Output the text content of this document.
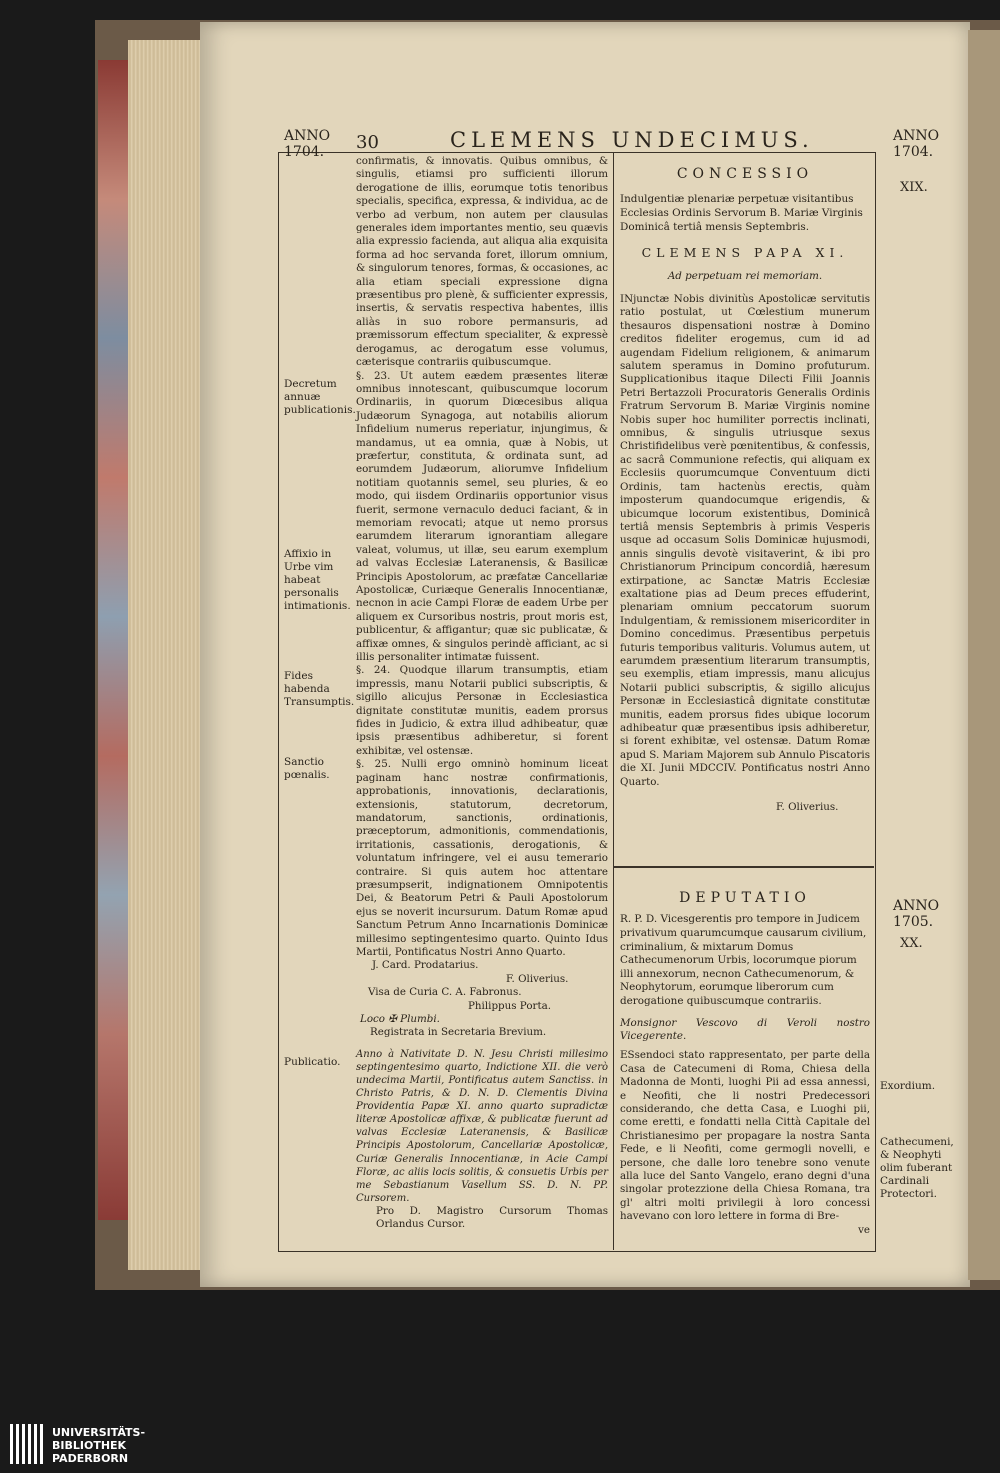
ANNO 1704.	30	CLEMENS UNDECIMUS.	ANNO 1704.
Decretum annuæ publicationis.
Affixio in Urbe vim habeat personalis intimationis.
Fides habenda Transumptis.
Sanctio pœnalis.
Publicatio.
XIX.
ANNO 1705.
XX.
Exordium.
Cathecumeni, & Neophyti olim fuberant Cardinali Protectori.

confirmatis, & innovatis. Quibus omnibus, & singulis, etiamsi pro sufficienti illorum derogatione de illis, eorumque totis tenoribus specialis, specifica, expressa, & individua, ac de verbo ad verbum, non autem per clausulas generales idem importantes mentio, seu quævis alia expressio facienda, aut aliqua alia exquisita forma ad hoc servanda foret, illorum omnium, & singulorum tenores, formas, & occasiones, ac alia etiam speciali expressione digna præsentibus pro plenè, & sufficienter expressis, insertis, & servatis respectiva habentes, illis aliàs in suo robore permansuris, ad præmissorum effectum specialiter, & expressè derogamus, ac derogatum esse volumus, cæterisque contrariis quibuscumque.

§. 23. Ut autem eædem præsentes literæ omnibus innotescant, quibuscumque locorum Ordinariis, in quorum Diœcesibus aliqua Judæorum Synagoga, aut notabilis aliorum Infidelium numerus reperiatur, injungimus, & mandamus, ut ea omnia, quæ à Nobis, ut præfertur, constituta, & ordinata sunt, ad eorumdem Judæorum, aliorumve Infidelium notitiam quotannis semel, seu pluries, & eo modo, qui iisdem Ordinariis opportunior visus fuerit, sermone vernaculo deduci faciant, & in memoriam revocati; atque ut nemo prorsus earumdem literarum ignorantiam allegare valeat, volumus, ut illæ, seu earum exemplum ad valvas Ecclesiæ Lateranensis, & Basilicæ Principis Apostolorum, ac præfatæ Cancellariæ Apostolicæ, Curiæque Generalis Innocentianæ, necnon in acie Campi Floræ de eadem Urbe per aliquem ex Cursoribus nostris, prout moris est, publicentur, & affigantur; quæ sic publicatæ, & affixæ omnes, & singulos perindè afficiant, ac si illis personaliter intimatæ fuissent.

§. 24. Quodque illarum transumptis, etiam impressis, manu Notarii publici subscriptis, & sigillo alicujus Personæ in Ecclesiastica dignitate constitutæ munitis, eadem prorsus fides in Judicio, & extra illud adhibeatur, quæ ipsis præsentibus adhiberetur, si forent exhibitæ, vel ostensæ.

§. 25. Nulli ergo omninò hominum liceat paginam hanc nostræ confirmationis, approbationis, innovationis, declarationis, extensionis, statutorum, decretorum, mandatorum, sanctionis, ordinationis, præceptorum, admonitionis, commendationis, irritationis, cassationis, derogationis, & voluntatum infringere, vel ei ausu temerario contraire. Si quis autem hoc attentare præsumpserit, indignationem Omnipotentis Dei, & Beatorum Petri & Pauli Apostolorum ejus se noverit incursurum. Datum Romæ apud Sanctum Petrum Anno Incarnationis Dominicæ millesimo septingentesimo quarto. Quinto Idus Martii, Pontificatus Nostri Anno Quarto.

J. Card. Prodatarius.

F. Oliverius.

Visa de Curia C. A. Fabronus.

Philippus Porta.

Loco ✠ Plumbi.

Registrata in Secretaria Brevium.

Anno à Nativitate D. N. Jesu Christi millesimo septingentesimo quarto, Indictione XII. die verò undecima Martii, Pontificatus autem Sanctiss. in Christo Patris, & D. N. D. Clementis Divina Providentia Papæ XI. anno quarto supradictæ literæ Apostolicæ affixæ, & publicatæ fuerunt ad valvas Ecclesiæ Lateranensis, & Basilicæ Principis Apostolorum, Cancellariæ Apostolicæ, Curiæ Generalis Innocentianæ, in Acie Campi Floræ, ac aliis locis solitis, & consuetis Urbis per me Sebastianum Vasellum SS. D. N. PP. Cursorem.

Pro D. Magistro Cursorum Thomas Orlandus Cursor.

CONCESSIO

Indulgentiæ plenariæ perpetuæ visitantibus Ecclesias Ordinis Servorum B. Mariæ Virginis Dominicâ tertiâ mensis Septembris.

CLEMENS PAPA XI.

Ad perpetuam rei memoriam.

INjunctæ Nobis divinitùs Apostolicæ servitutis ratio postulat, ut Cœlestium munerum thesauros dispensationi nostræ à Domino creditos fideliter erogemus, cum id ad augendam Fidelium religionem, & animarum salutem speramus in Domino profuturum. Supplicationibus itaque Dilecti Filii Joannis Petri Bertazzoli Procuratoris Generalis Ordinis Fratrum Servorum B. Mariæ Virginis nomine Nobis super hoc humiliter porrectis inclinati, omnibus, & singulis utriusque sexus Christifidelibus verè pœnitentibus, & confessis, ac sacrâ Communione refectis, qui aliquam ex Ecclesiis quorumcumque Conventuum dicti Ordinis, tam hactenùs erectis, quàm imposterum quandocumque erigendis, & ubicumque locorum existentibus, Dominicâ tertiâ mensis Septembris à primis Vesperis usque ad occasum Solis Dominicæ hujusmodi, annis singulis devotè visitaverint, & ibi pro Christianorum Principum concordiâ, hæresum extirpatione, ac Sanctæ Matris Ecclesiæ exaltatione pias ad Deum preces effuderint, plenariam omnium peccatorum suorum Indulgentiam, & remissionem misericorditer in Domino concedimus. Præsentibus perpetuis futuris temporibus valituris. Volumus autem, ut earumdem præsentium literarum transumptis, seu exemplis, etiam impressis, manu alicujus Notarii publici subscriptis, & sigillo alicujus Personæ in Ecclesiasticâ dignitate constitutæ munitis, eadem prorsus fides ubique locorum adhibeatur quæ præsentibus ipsis adhiberetur, si forent exhibitæ, vel ostensæ. Datum Romæ apud S. Mariam Majorem sub Annulo Piscatoris die XI. Junii MDCCIV. Pontificatus nostri Anno Quarto.

F. Oliverius.

DEPUTATIO

R. P. D. Vicesgerentis pro tempore in Judicem privativum quarumcumque causarum civilium, criminalium, & mixtarum Domus Cathecumenorum Urbis, locorumque piorum illi annexorum, necnon Cathecumenorum, & Neophytorum, eorumque liberorum cum derogatione quibuscumque contrariis.

Monsignor Vescovo di Veroli nostro Vicegerente.

ESsendoci stato rappresentato, per parte della Casa de Catecumeni di Roma, Chiesa della Madonna de Monti, luoghi Pii ad essa annessi, e Neofiti, che li nostri Predecessori considerando, che detta Casa, e Luoghi pii, come eretti, e fondatti nella Città Capitale del Christianesimo per propagare la nostra Santa Fede, e li Neofiti, come germogli novelli, e persone, che dalle loro tenebre sono venute alla luce del Santo Vangelo, erano degni d'una singolar protezzione della Chiesa Romana, tra gl' altri molti privilegii à loro concessi havevano con loro lettere in forma di Bre-

ve

UNIVERSITÄTS-
BIBLIOTHEK
PADERBORN
